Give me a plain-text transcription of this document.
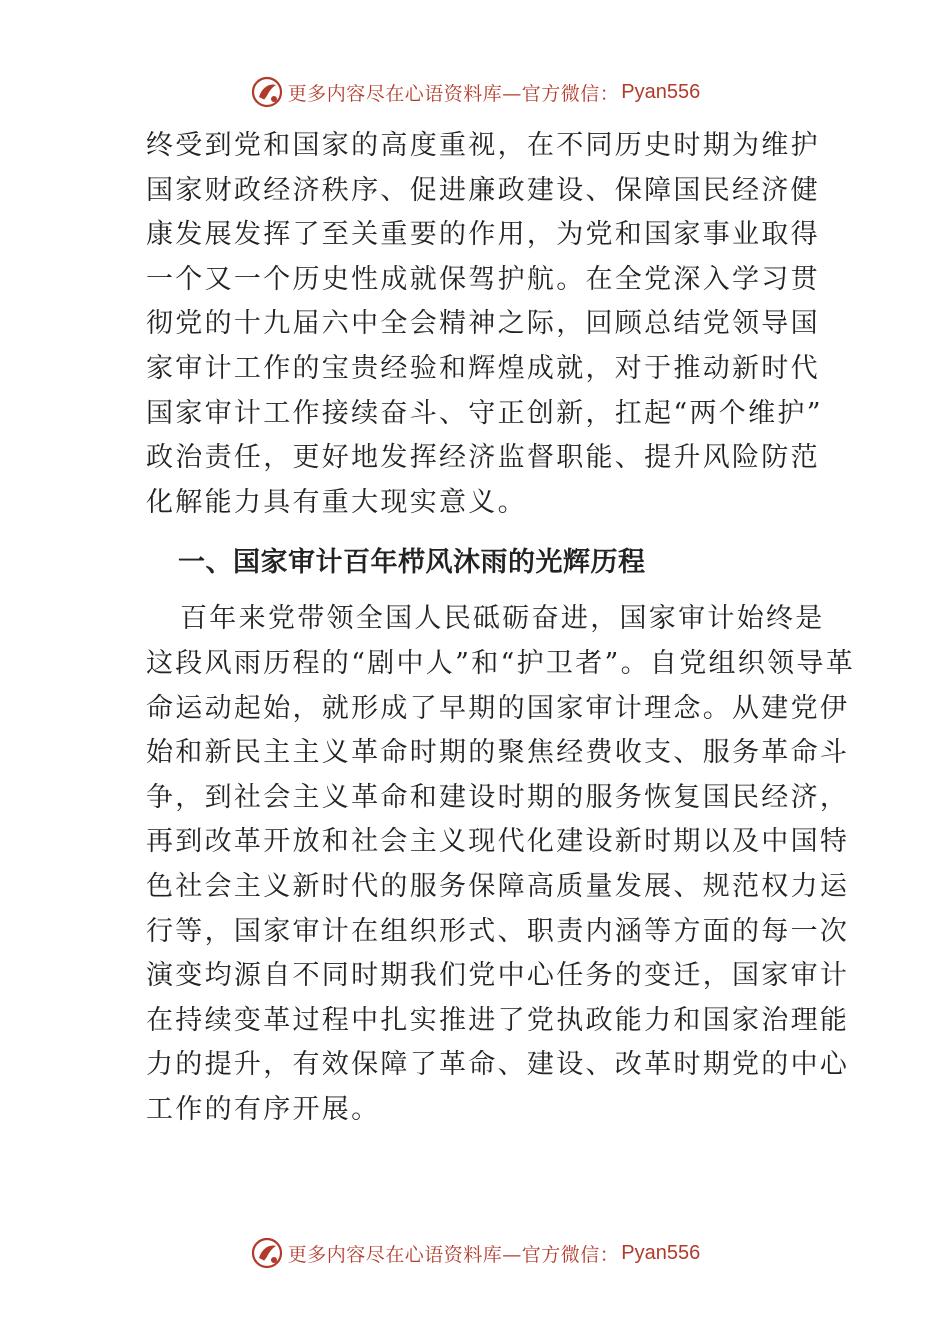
更多内容尽在心语资料库—官方微信： Pyan556
终受到党和国家的高度重视，在不同历史时期为维护
国家财政经济秩序、促进廉政建设、保障国民经济健
康发展发挥了至关重要的作用，为党和国家事业取得
一个又一个历史性成就保驾护航。在全党深入学习贯
彻党的十九届六中全会精神之际，回顾总结党领导国
家审计工作的宝贵经验和辉煌成就，对于推动新时代
国家审计工作接续奋斗、守正创新，扛起“两个维护”
政治责任，更好地发挥经济监督职能、提升风险防范
化解能力具有重大现实意义。
一、国家审计百年栉风沐雨的光辉历程
百年来党带领全国人民砥砺奋进，国家审计始终是
这段风雨历程的“剧中人”和“护卫者”。自党组织领导革
命运动起始，就形成了早期的国家审计理念。从建党伊
始和新民主主义革命时期的聚焦经费收支、服务革命斗
争，到社会主义革命和建设时期的服务恢复国民经济，
再到改革开放和社会主义现代化建设新时期以及中国特
色社会主义新时代的服务保障高质量发展、规范权力运
行等，国家审计在组织形式、职责内涵等方面的每一次
演变均源自不同时期我们党中心任务的变迁，国家审计
在持续变革过程中扎实推进了党执政能力和国家治理能
力的提升，有效保障了革命、建设、改革时期党的中心
工作的有序开展。
更多内容尽在心语资料库—官方微信： Pyan556
